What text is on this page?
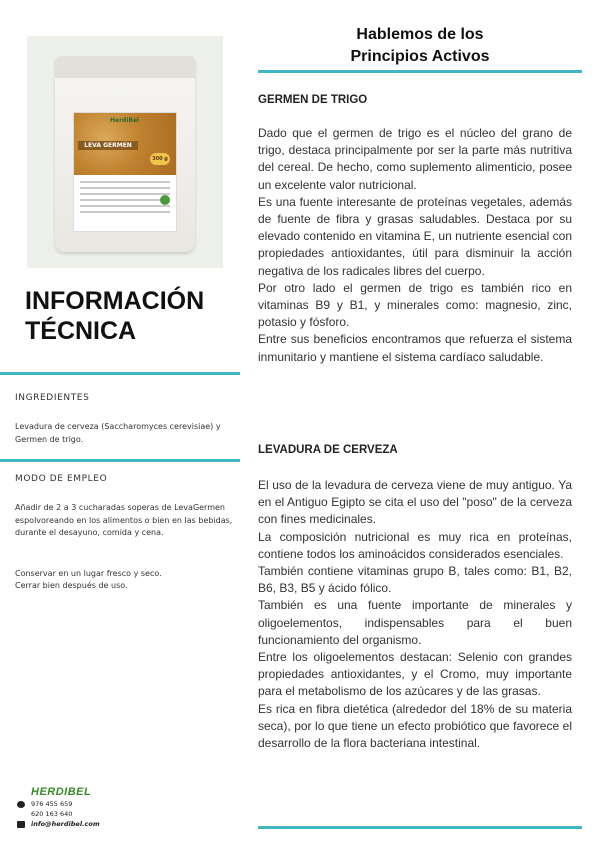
HerdiBel
LEVA GERMEN
300 g
INFORMACIÓN
TÉCNICA
INGREDIENTES
Levadura de cerveza (Saccharomyces cerevisiae) y Germen de trigo.
MODO DE EMPLEO
Añadir de 2 a 3 cucharadas soperas de LevaGermen espolvoreando en los alimentos o bien en las bebidas, durante el desayuno, comida y cena.
Conservar en un lugar fresco y seco.
Cerrar bien después de uso.
HERDIBEL
976 455 659
620 163 640
info@herdibel.com
Hablemos de los
Principios Activos
GERMEN DE TRIGO

Dado que el germen de trigo es el núcleo del grano de trigo, destaca principalmente por ser la parte más nutritiva del cereal. De hecho, como suplemento alimenticio, posee un excelente valor nutricional.

Es una fuente interesante de proteínas vegetales, además de fuente de fibra y grasas saludables. Destaca por su elevado contenido en vitamina E, un nutriente esencial con propiedades antioxidantes, útil para disminuir la acción negativa de los radicales libres del cuerpo.

Por otro lado el germen de trigo es también rico en vitaminas B9 y B1, y minerales como: magnesio, zinc, potasio y fósforo.

Entre sus beneficios encontramos que refuerza el sistema inmunitario y mantiene el sistema cardíaco saludable.

LEVADURA DE CERVEZA

El uso de la levadura de cerveza viene de muy antiguo. Ya en el Antiguo Egipto se cita el uso del "poso" de la cerveza con fines medicinales.

La composición nutricional es muy rica en proteínas, contiene todos los aminoácidos considerados esenciales.

También contiene vitaminas grupo B, tales como: B1, B2, B6, B3, B5 y ácido fólico.

También es una fuente importante de minerales y oligoelementos, indispensables para el buen funcionamiento del organismo.

Entre los oligoelementos destacan: Selenio con grandes propiedades antioxidantes, y el Cromo, muy importante para el metabolismo de los azúcares y de las grasas.

Es rica en fibra dietética (alrededor del 18% de su materia seca), por lo que tiene un efecto probiótico que favorece el desarrollo de la flora bacteriana intestinal.
